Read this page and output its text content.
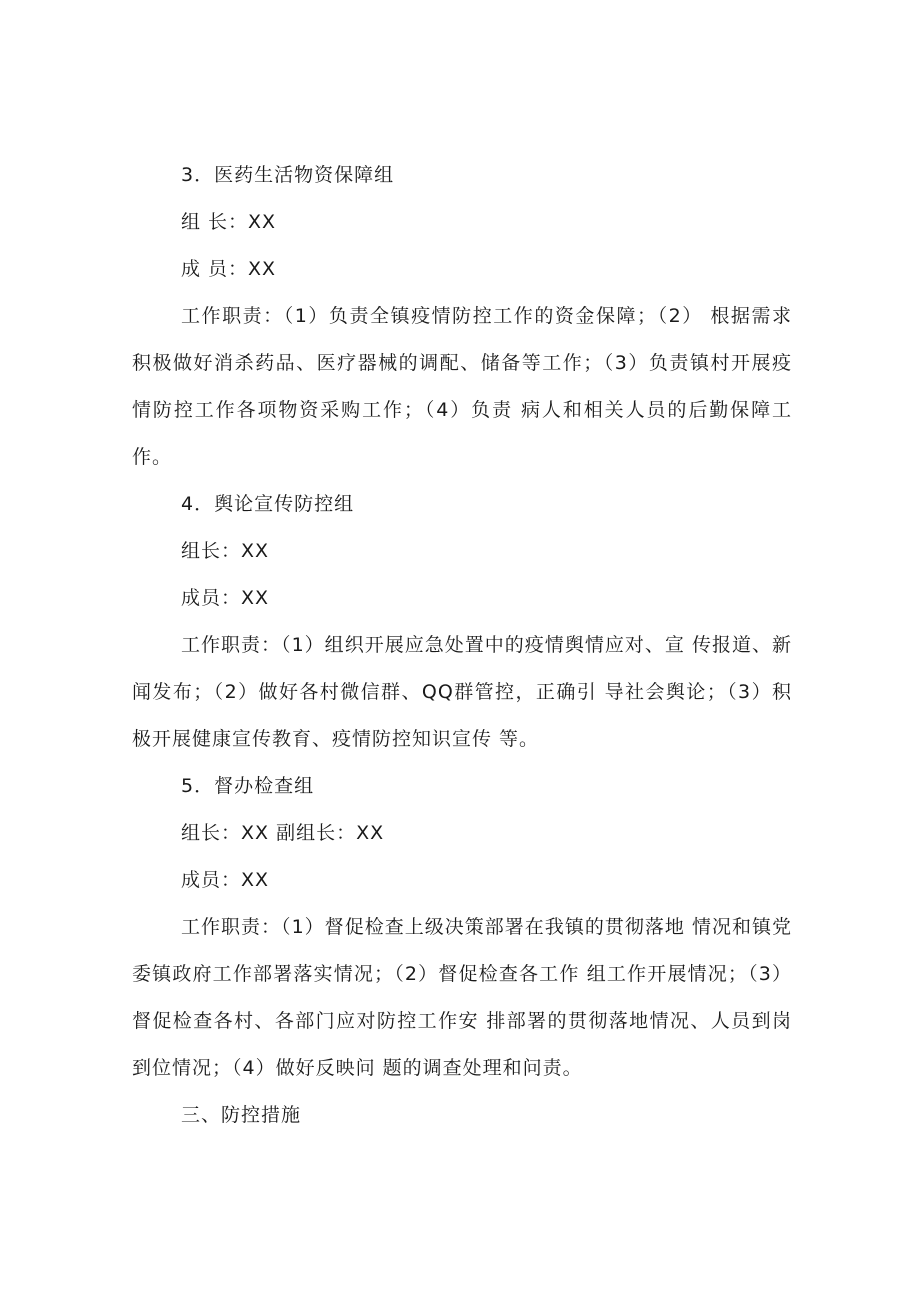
3．医药生活物资保障组
组 长：XX
成 员：XX

工作职责：（1）负责全镇疫情防控工作的资金保障；（2） 根据需求积极做好消杀药品、医疗器械的调配、储备等工作；（3）负责镇村开展疫情防控工作各项物资采购工作；（4）负责 病人和相关人员的后勤保障工作。

4．舆论宣传防控组
组长：XX
成员：XX

工作职责：（1）组织开展应急处置中的疫情舆情应对、宣 传报道、新闻发布；（2）做好各村微信群、QQ群管控，正确引 导社会舆论；（3）积极开展健康宣传教育、疫情防控知识宣传 等。

5．督办检查组
组长：XX 副组长：XX
成员：XX

工作职责：（1）督促检查上级决策部署在我镇的贯彻落地 情况和镇党委镇政府工作部署落实情况；（2）督促检查各工作 组工作开展情况；（3）督促检查各村、各部门应对防控工作安 排部署的贯彻落地情况、人员到岗到位情况；（4）做好反映问 题的调查处理和问责。

三、防控措施
